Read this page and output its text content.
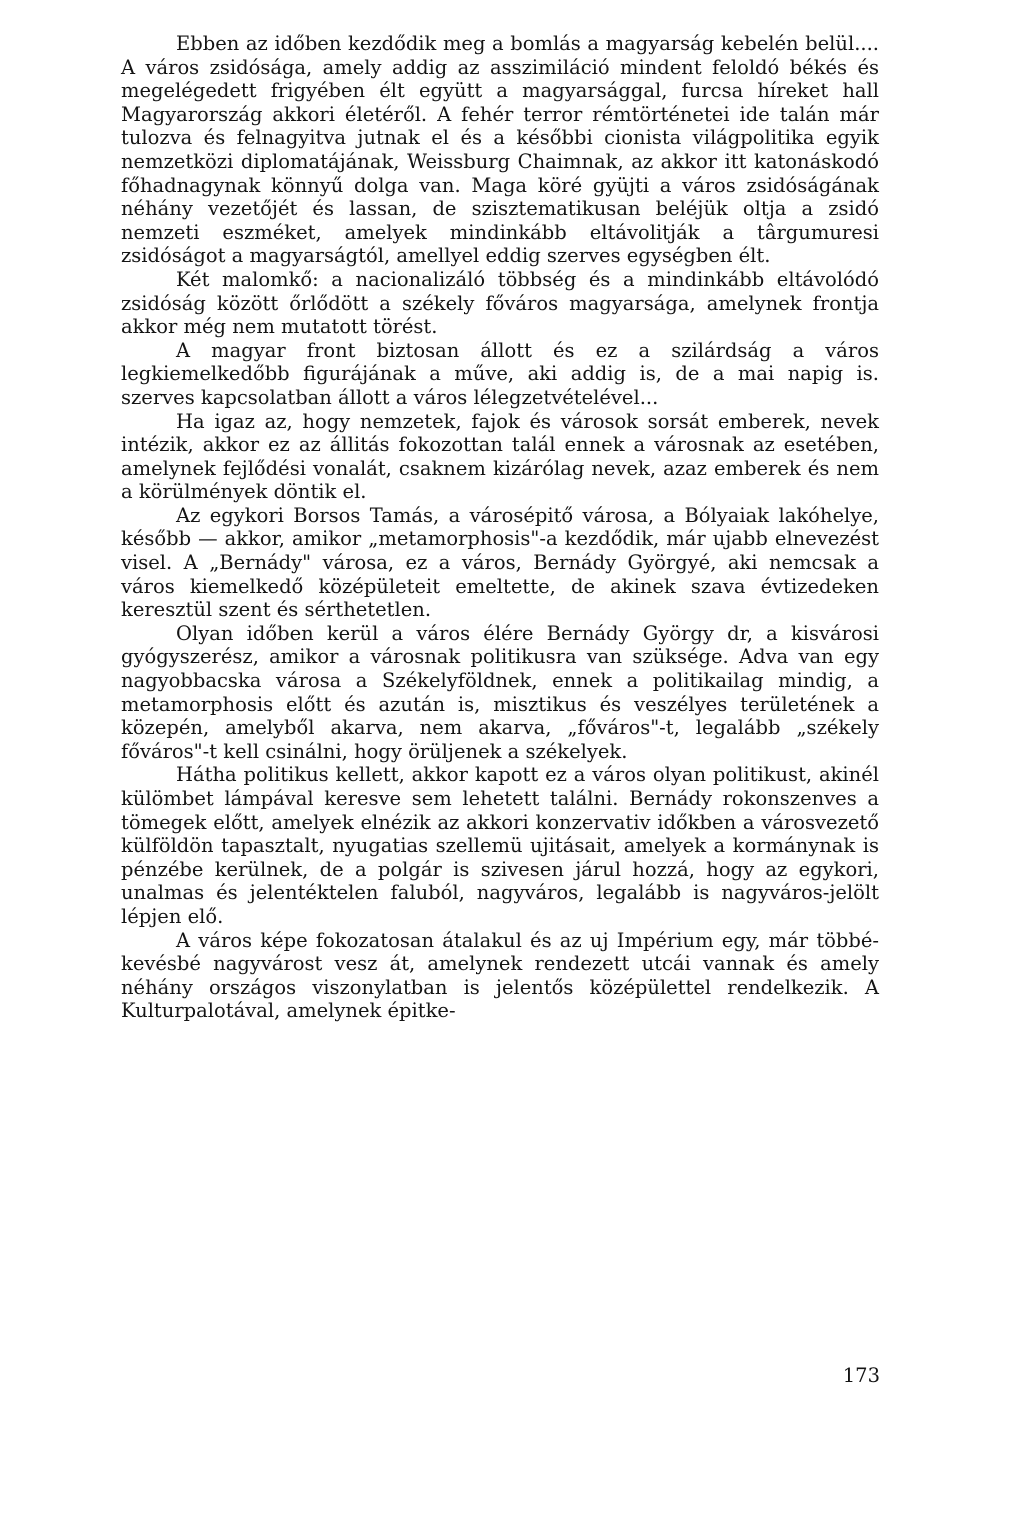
Ebben az időben kezdődik meg a bomlás a magyarság kebelén belül.... A város zsidósága, amely addig az asszimiláció mindent feloldó békés és megelégedett frigyében élt együtt a magyarsággal, furcsa híreket hall Magyarország akkori életéről. A fehér terror rémtörténetei ide talán már tulozva és felnagyitva jutnak el és a későbbi cionista világpolitika egyik nemzetközi diplomatájának, Weissburg Chaimnak, az akkor itt katonáskodó főhadnagynak könnyű dolga van. Maga köré gyüjti a város zsidóságának néhány vezetőjét és lassan, de szisztematikusan beléjük oltja a zsidó nemzeti eszméket, amelyek mindinkább eltávolitják a târgumuresi zsidóságot a magyarságtól, amellyel eddig szerves egységben élt.

Két malomkő: a nacionalizáló többség és a mindinkább eltávolódó zsidóság között őrlődött a székely főváros magyarsága, amelynek frontja akkor még nem mutatott törést.

A magyar front biztosan állott és ez a szilárdság a város legkiemelkedőbb figurájának a műve, aki addig is, de a mai napig is. szerves kapcsolatban állott a város lélegzetvételével...

Ha igaz az, hogy nemzetek, fajok és városok sorsát emberek, nevek intézik, akkor ez az állitás fokozottan talál ennek a városnak az esetében, amelynek fejlődési vonalát, csaknem kizárólag nevek, azaz emberek és nem a körülmények döntik el.

Az egykori Borsos Tamás, a városépitő városa, a Bólyaiak lakóhelye, később — akkor, amikor „metamorphosis"-a kezdődik, már ujabb elnevezést visel. A „Bernády" városa, ez a város, Bernády Györgyé, aki nemcsak a város kiemelkedő középületeit emeltette, de akinek szava évtizedeken keresztül szent és sérthetetlen.

Olyan időben kerül a város élére Bernády György dr, a kisvárosi gyógyszerész, amikor a városnak politikusra van szüksége. Adva van egy nagyobbacska városa a Székelyföldnek, ennek a politikailag mindig, a metamorphosis előtt és azután is, misztikus és veszélyes területének a közepén, amelyből akarva, nem akarva, „főváros"-t, legalább „székely főváros"-t kell csinálni, hogy örüljenek a székelyek.

Hátha politikus kellett, akkor kapott ez a város olyan politikust, akinél külömbet lámpával keresve sem lehetett találni. Bernády rokonszenves a tömegek előtt, amelyek elnézik az akkori konzervativ időkben a városvezető külföldön tapasztalt, nyugatias szellemü ujitásait, amelyek a kormánynak is pénzébe kerülnek, de a polgár is szivesen járul hozzá, hogy az egykori, unalmas és jelentéktelen faluból, nagyváros, legalább is nagyváros-jelölt lépjen elő.

A város képe fokozatosan átalakul és az uj Impérium egy, már többé-kevésbé nagyvárost vesz át, amelynek rendezett utcái vannak és amely néhány országos viszonylatban is jelentős középülettel rendelkezik. A Kulturpalotával, amelynek épitke-

173
